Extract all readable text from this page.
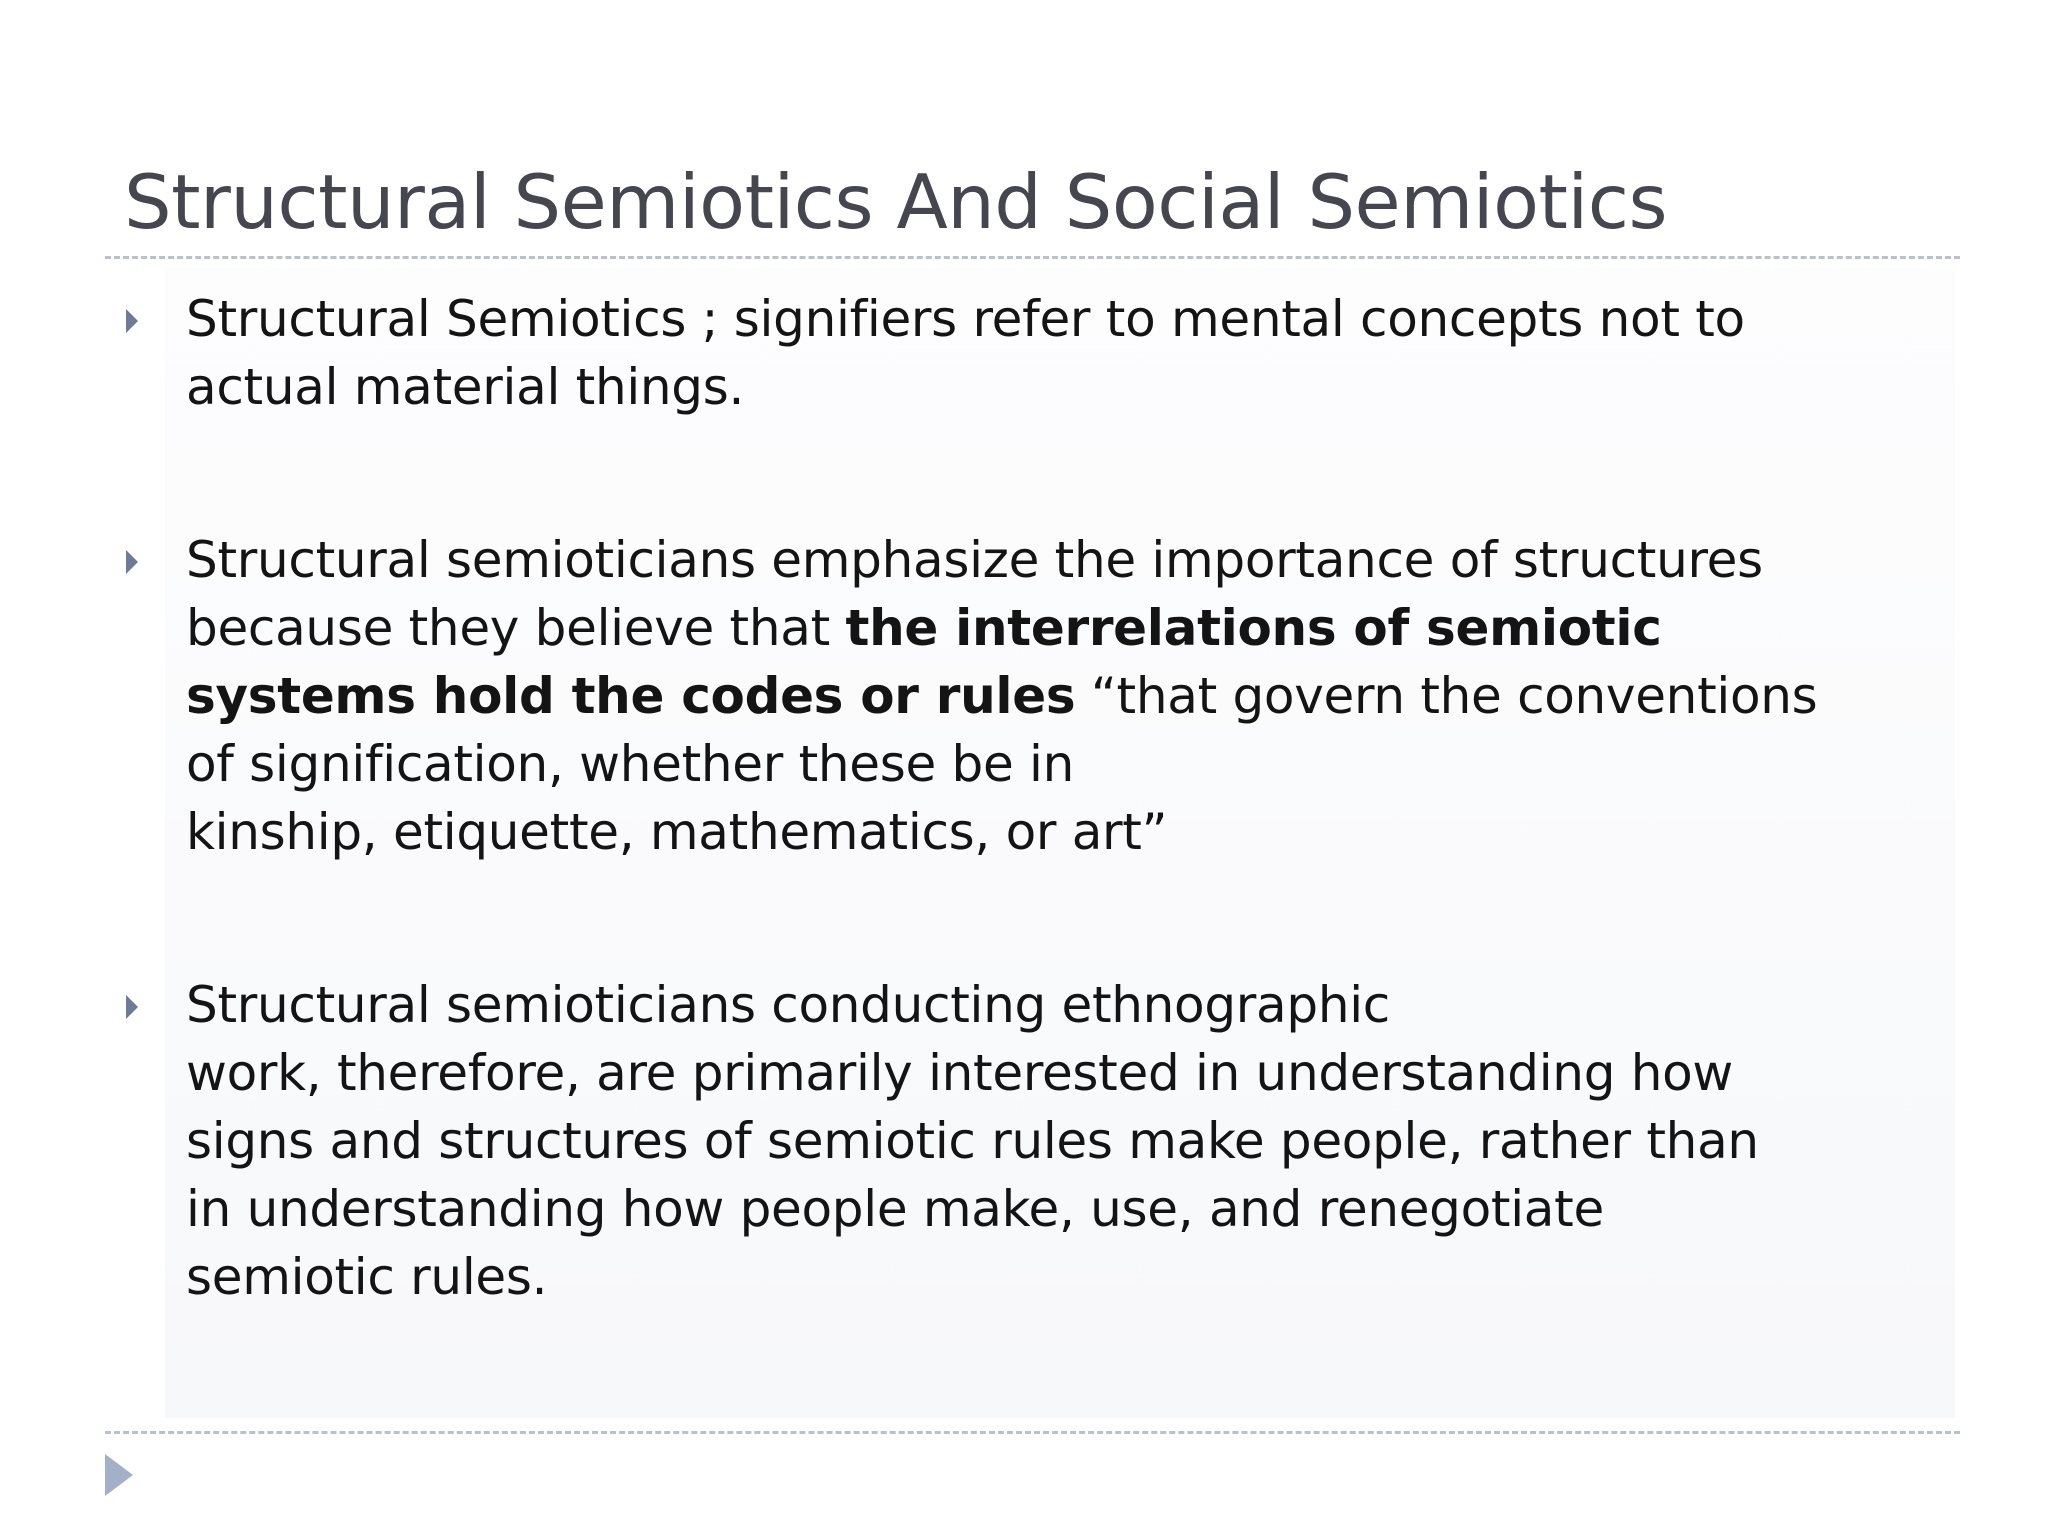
Structural Semiotics And Social Semiotics
Structural Semiotics ; signifiers refer to mental concepts not to
actual material things.
Structural semioticians emphasize the importance of structures
because they believe that the interrelations of semiotic
systems hold the codes or rules “that govern the conventions
of signification, whether these be in
kinship, etiquette, mathematics, or art”
Structural semioticians conducting ethnographic
work, therefore, are primarily interested in understanding how
signs and structures of semiotic rules make people, rather than
in understanding how people make, use, and renegotiate
semiotic rules.
